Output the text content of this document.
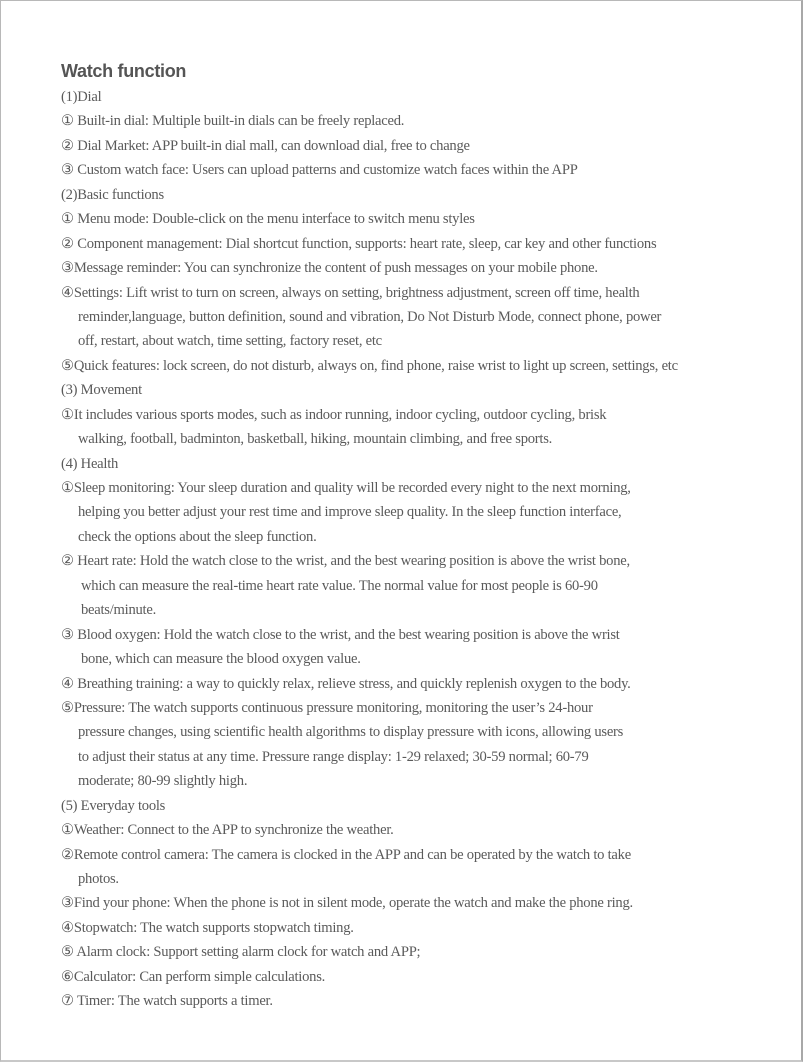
Watch function
(1)Dial
① Built-in dial: Multiple built-in dials can be freely replaced.
② Dial Market: APP built-in dial mall, can download dial, free to change
③ Custom watch face: Users can upload patterns and customize watch faces within the APP
(2)Basic functions
① Menu mode: Double-click on the menu interface to switch menu styles
② Component management: Dial shortcut function, supports: heart rate, sleep, car key and other functions
③Message reminder: You can synchronize the content of push messages on your mobile phone.
④Settings: Lift wrist to turn on screen, always on setting, brightness adjustment, screen off time, health
reminder,language, button definition, sound and vibration, Do Not Disturb Mode, connect phone, power
off, restart, about watch, time setting, factory reset, etc
⑤Quick features: lock screen, do not disturb, always on, find phone, raise wrist to light up screen, settings, etc
(3) Movement
①It includes various sports modes, such as indoor running, indoor cycling, outdoor cycling, brisk
walking, football, badminton, basketball, hiking, mountain climbing, and free sports.
(4) Health
①Sleep monitoring: Your sleep duration and quality will be recorded every night to the next morning,
helping you better adjust your rest time and improve sleep quality. In the sleep function interface,
check the options about the sleep function.
② Heart rate: Hold the watch close to the wrist, and the best wearing position is above the wrist bone,
which can measure the real-time heart rate value. The normal value for most people is 60-90
beats/minute.
③ Blood oxygen: Hold the watch close to the wrist, and the best wearing position is above the wrist
bone, which can measure the blood oxygen value.
④ Breathing training: a way to quickly relax, relieve stress, and quickly replenish oxygen to the body.
⑤Pressure: The watch supports continuous pressure monitoring, monitoring the user’s 24-hour
pressure changes, using scientific health algorithms to display pressure with icons, allowing users
to adjust their status at any time. Pressure range display: 1-29 relaxed; 30-59 normal; 60-79
moderate; 80-99 slightly high.
(5) Everyday tools
①Weather: Connect to the APP to synchronize the weather.
②Remote control camera: The camera is clocked in the APP and can be operated by the watch to take
photos.
③Find your phone: When the phone is not in silent mode, operate the watch and make the phone ring.
④Stopwatch: The watch supports stopwatch timing.
⑤ Alarm clock: Support setting alarm clock for watch and APP;
⑥Calculator: Can perform simple calculations.
⑦ Timer: The watch supports a timer.
